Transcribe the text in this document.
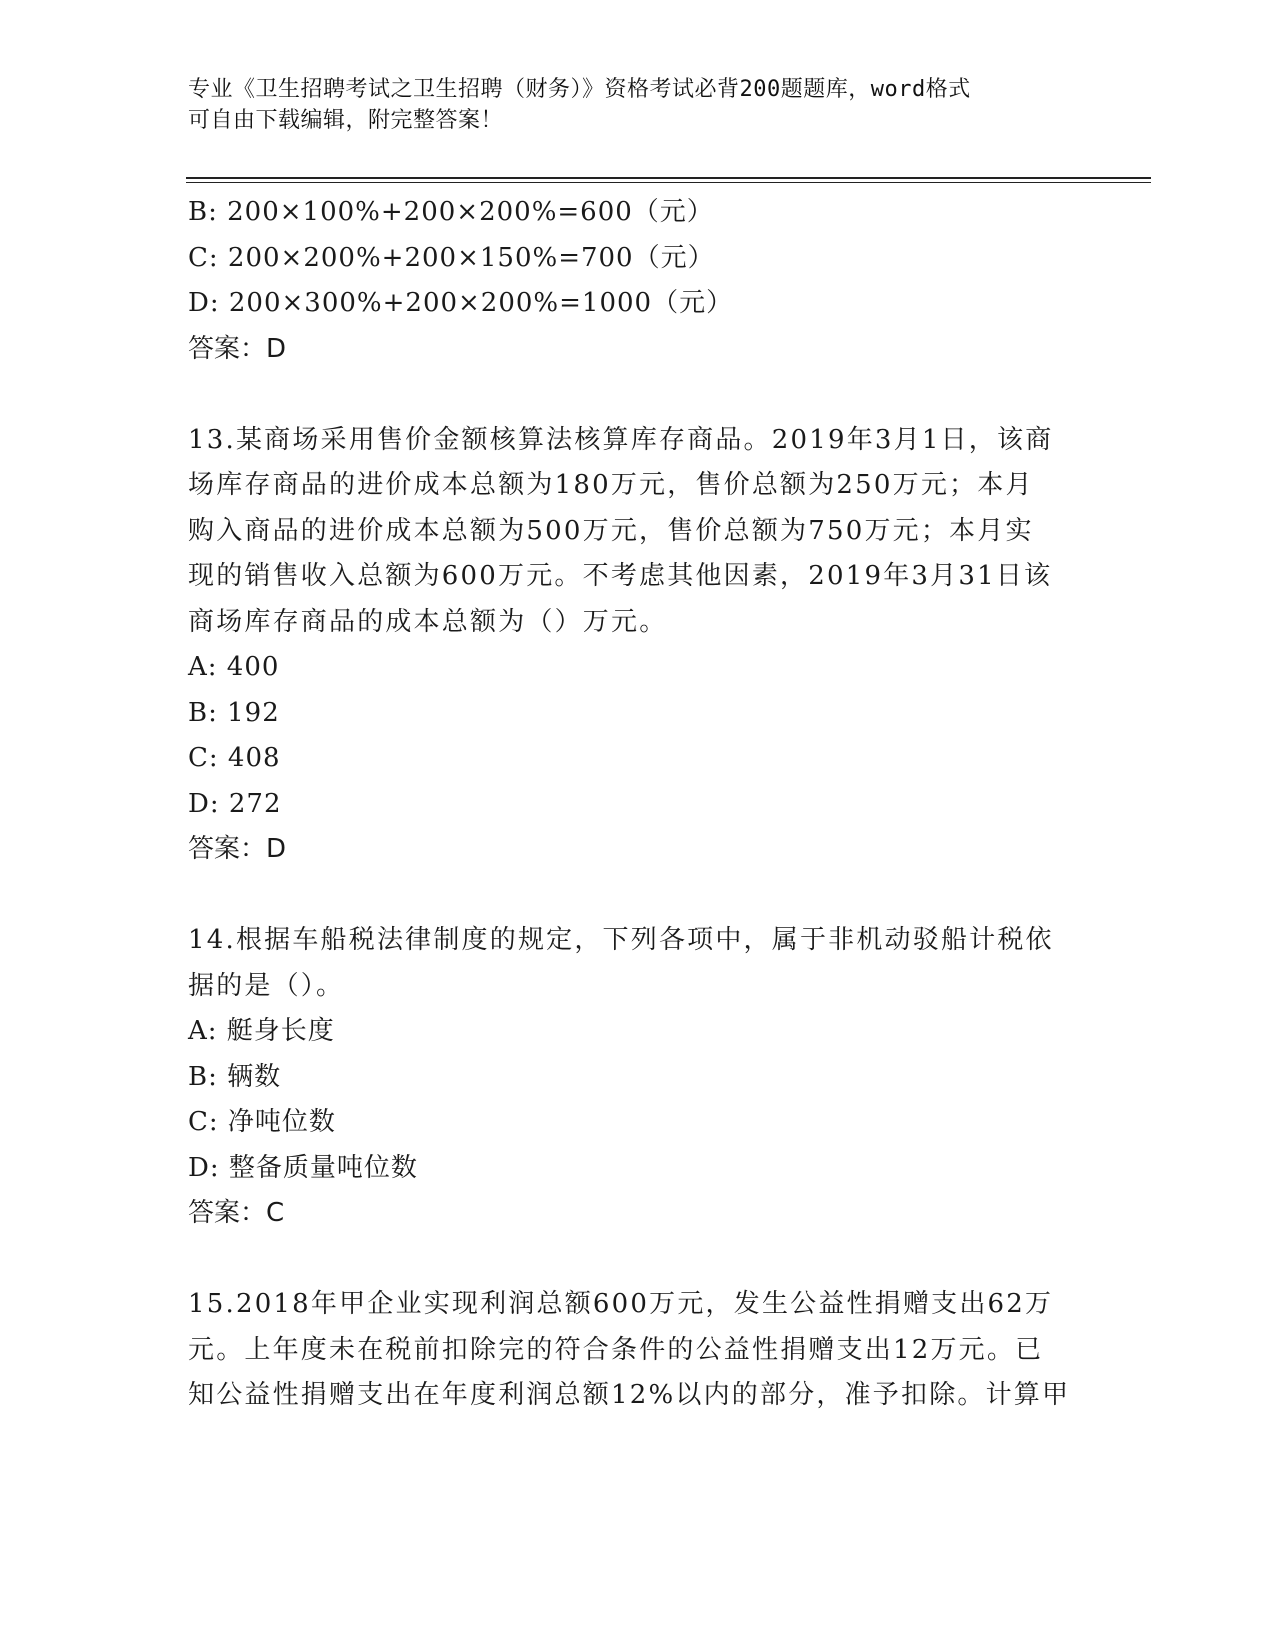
专业《卫生招聘考试之卫生招聘（财务）》资格考试必背200题题库，word格式
可自由下载编辑，附完整答案！
B: 200×100%+200×200%=600（元）
C: 200×200%+200×150%=700（元）
D: 200×300%+200×200%=1000（元）
答案：D
13.某商场采用售价金额核算法核算库存商品。2019年3月1日，该商
场库存商品的进价成本总额为180万元，售价总额为250万元；本月
购入商品的进价成本总额为500万元，售价总额为750万元；本月实
现的销售收入总额为600万元。不考虑其他因素，2019年3月31日该
商场库存商品的成本总额为（）万元。
A: 400
B: 192
C: 408
D: 272
答案：D
14.根据车船税法律制度的规定，下列各项中，属于非机动驳船计税依
据的是（）。
A: 艇身长度
B: 辆数
C: 净吨位数
D: 整备质量吨位数
答案：C
15.2018年甲企业实现利润总额600万元，发生公益性捐赠支出62万
元。上年度未在税前扣除完的符合条件的公益性捐赠支出12万元。已
知公益性捐赠支出在年度利润总额12%以内的部分，准予扣除。计算甲
